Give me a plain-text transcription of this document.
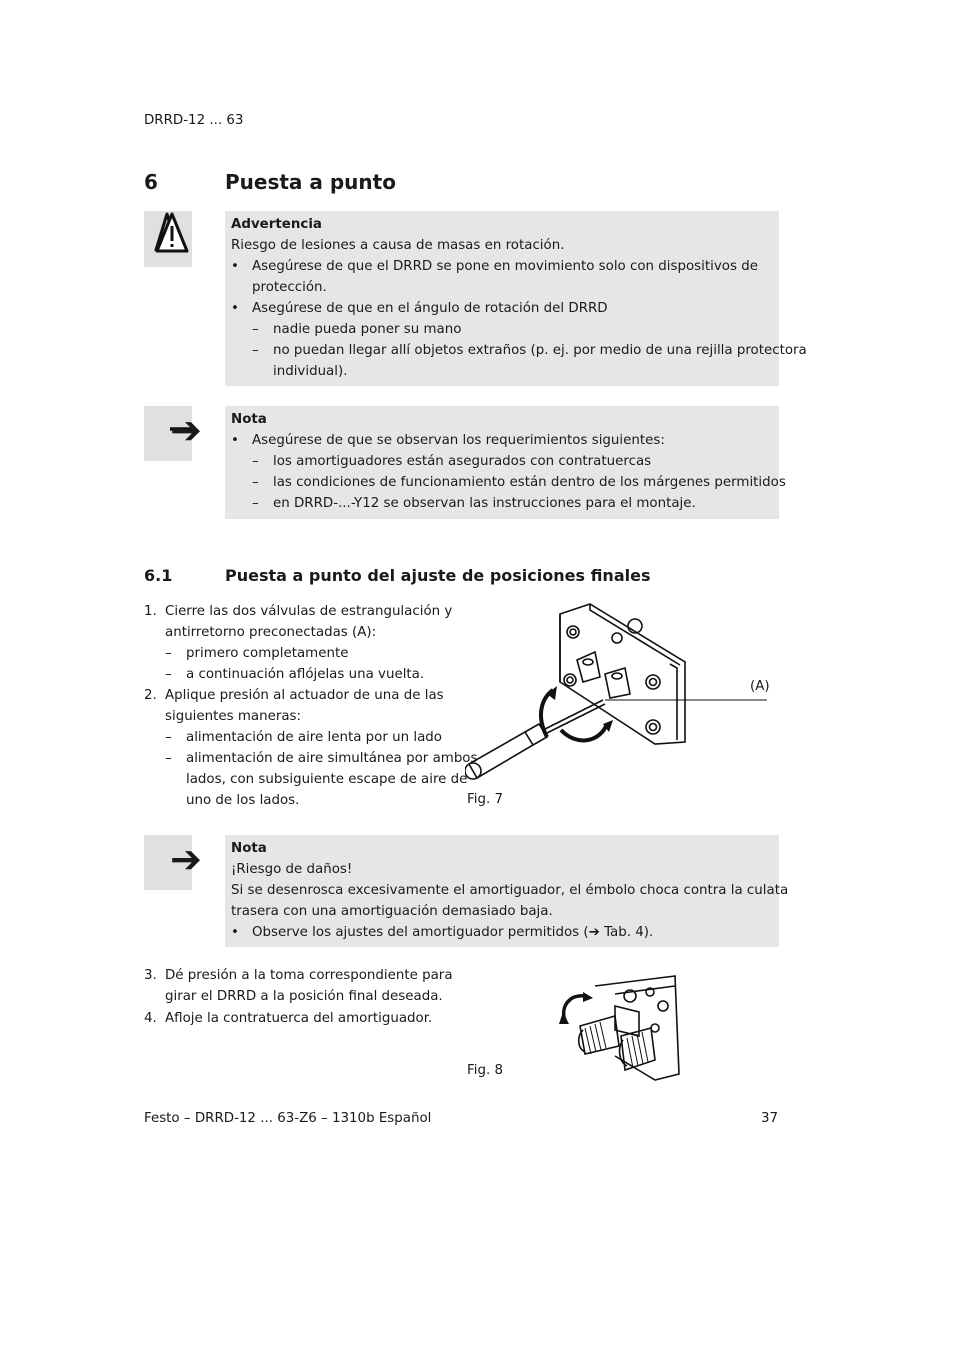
DRRD-12 ... 63
6	Puesta a punto
Advertencia
Riesgo de lesiones a causa de masas en rotación.
• Asegúrese de que el DRRD se pone en movimiento solo con dispositivos de
protección.
• Asegúrese de que en el ángulo de rotación del DRRD
– nadie pueda poner su mano
– no puedan llegar allí objetos extraños (p. ej. por medio de una rejilla protectora
individual).
➔ Nota
• Asegúrese de que se observan los requerimientos siguientes:
– los amortiguadores están asegurados con contratuercas
– las condiciones de funcionamiento están dentro de los márgenes permitidos
– en DRRD-...-Y12 se observan las instrucciones para el montaje.
6.1	Puesta a punto del ajuste de posiciones finales
1. Cierre las dos válvulas de estrangulación y
antirretorno preconectadas (A):
– primero completamente
– a continuación aflójelas una vuelta.
2. Aplique presión al actuador de una de las
siguientes maneras:
– alimentación de aire lenta por un lado
– alimentación de aire simultánea por ambos
lados, con subsiguiente escape de aire de
uno de los lados.
(A)
Fig. 7
➔ Nota
¡Riesgo de daños!
Si se desenrosca excesivamente el amortiguador, el émbolo choca contra la culata
trasera con una amortiguación demasiado baja.
• Observe los ajustes del amortiguador permitidos (➔ Tab. 4).
3. Dé presión a la toma correspondiente para
girar el DRRD a la posición final deseada.
4. Afloje la contratuerca del amortiguador.
Fig. 8
Festo – DRRD-12 ... 63-Z6 – 1310b Español	37
